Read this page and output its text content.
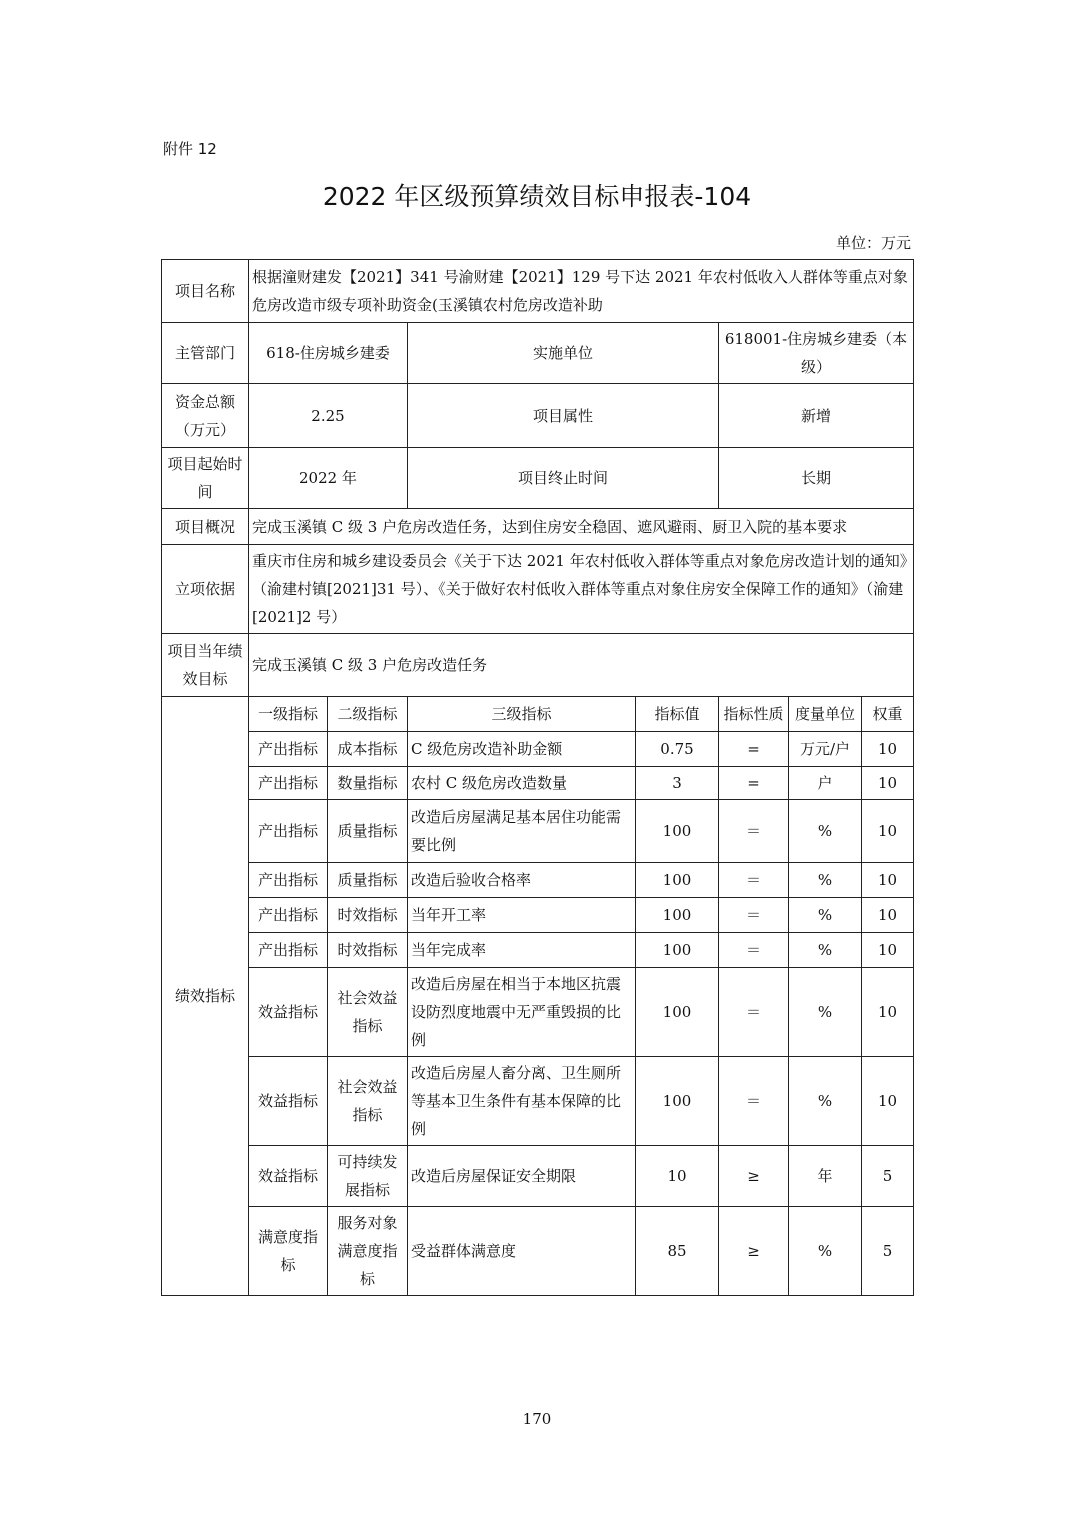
附件 12
2022 年区级预算绩效目标申报表-104
单位：万元
项目名称	根据潼财建发【2021】341 号渝财建【2021】129 号下达 2021 年农村低收入人群体等重点对象危房改造市级专项补助资金(玉溪镇农村危房改造补助						
主管部门	618-住房城乡建委		实施单位		618001-住房城乡建委（本级）		
资金总额（万元）	2.25		项目属性		新增		
项目起始时间	2022 年		项目终止时间		长期		
项目概况	完成玉溪镇 C 级 3 户危房改造任务，达到住房安全稳固、遮风避雨、厨卫入院的基本要求						
立项依据	重庆市住房和城乡建设委员会《关于下达 2021 年农村低收入群体等重点对象危房改造计划的通知》（渝建村镇[2021]31 号）、《关于做好农村低收入群体等重点对象住房安全保障工作的通知》（渝建[2021]2 号）						
项目当年绩效目标	完成玉溪镇 C 级 3 户危房改造任务						
绩效指标	一级指标	二级指标	三级指标	指标值	指标性质	度量单位	权重
	产出指标	成本指标	C 级危房改造补助金额	0.75	=	万元/户	10
	产出指标	数量指标	农村 C 级危房改造数量	3	=	户	10
	产出指标	质量指标	改造后房屋满足基本居住功能需要比例	100	＝	%	10
	产出指标	质量指标	改造后验收合格率	100	＝	%	10
	产出指标	时效指标	当年开工率	100	＝	%	10
	产出指标	时效指标	当年完成率	100	＝	%	10
	效益指标	社会效益指标	改造后房屋在相当于本地区抗震设防烈度地震中无严重毁损的比例	100	＝	%	10
	效益指标	社会效益指标	改造后房屋人畜分离、卫生厕所等基本卫生条件有基本保障的比例	100	＝	%	10
	效益指标	可持续发展指标	改造后房屋保证安全期限	10	≥	年	5
	满意度指标	服务对象满意度指标	受益群体满意度	85	≥	%	5
170
